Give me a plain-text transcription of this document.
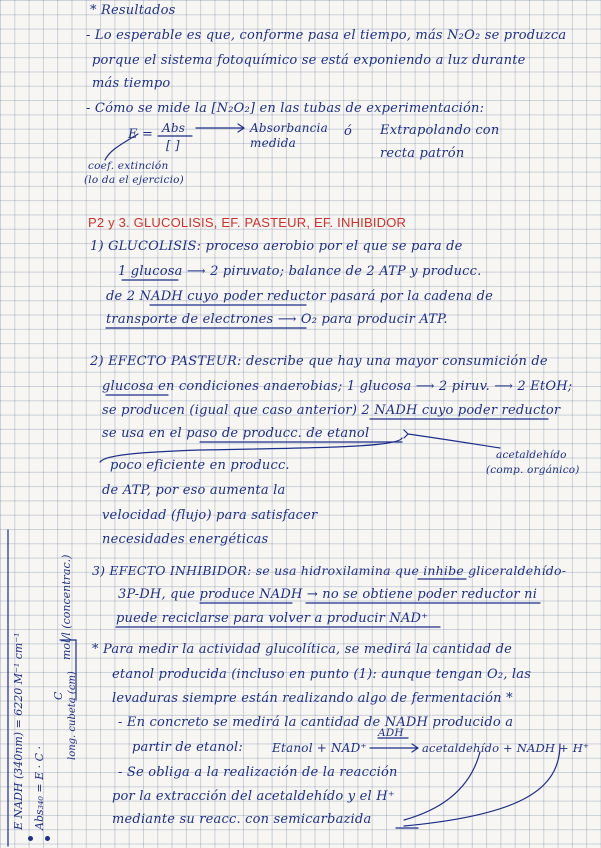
* Resultados
- Lo esperable es que, conforme pasa el tiempo, más N₂O₂ se produzca
porque el sistema fotoquímico se está exponiendo a luz durante
más tiempo
- Cómo se mide la [N₂O₂] en las tubas de experimentación:
E = Abs
[ ]
Absorbancia medida
ó Extrapolando con
recta patrón
coef. extinción
(lo da el ejercicio)
P2 y 3. GLUCOLISIS, EF. PASTEUR, EF. INHIBIDOR
1) GLUCOLISIS: proceso aerobio por el que se para de
1 glucosa ⟶ 2 piruvato; balance de 2 ATP y producc.
de 2 NADH cuyo poder reductor pasará por la cadena de
transporte de electrones ⟶ O₂ para producir ATP.
2) EFECTO PASTEUR: describe que hay una mayor consumición de
glucosa en condiciones anaerobias; 1 glucosa ⟶ 2 piruv. ⟶ 2 EtOH;
se producen (igual que caso anterior) 2 NADH cuyo poder reductor
se usa en el paso de producc. de etanol
acetaldehído
(comp. orgánico)
poco eficiente en producc.
de ATP, por eso aumenta la
velocidad (flujo) para satisfacer
necesidades energéticas
3) EFECTO INHIBIDOR: se usa hidroxilamina que inhibe gliceraldehído-
3P-DH, que produce NADH → no se obtiene poder reductor ni
puede reciclarse para volver a producir NAD⁺
* Para medir la actividad glucolítica, se medirá la cantidad de
etanol producida (incluso en punto (1): aunque tengan O₂, las
levaduras siempre están realizando algo de fermentación *
- En concreto se medirá la cantidad de NADH producido a
partir de etanol: Etanol + NAD⁺
ADH
acetaldehído + NADH + H⁺
- Se obliga a la realización de la reacción
por la extracción del acetaldehído y el H⁺
mediante su reacc. con semicarbazida
E NADH (340nm) = 6220 M⁻¹ cm⁻¹ Abs₃₄₀ = E · C ·
C
mol/l (concentrac.)
long. cubeta (cm)
